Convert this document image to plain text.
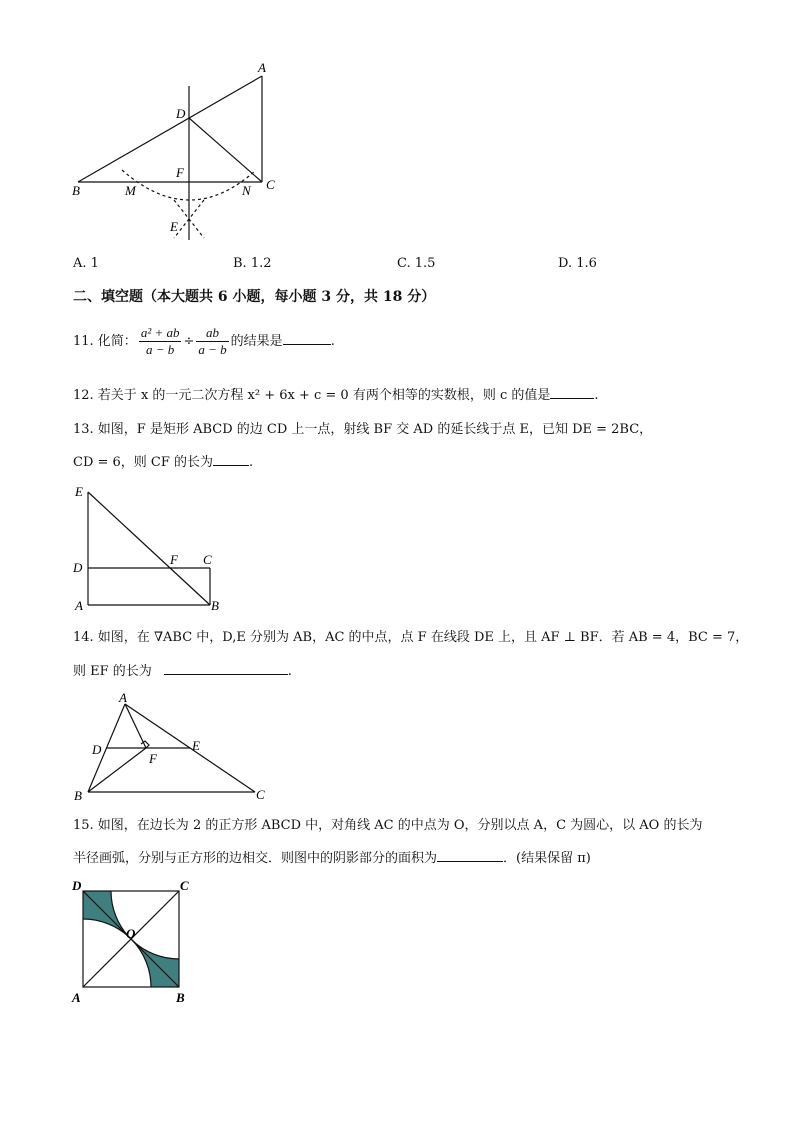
A
D
F
B	M	N C
E
A. 1	B. 1.2	C. 1.5	D. 1.6
二、填空题（本大题共 6 小题，每小题 3 分，共 18 分）
11. 化简： $\frac{\text{a² + ab}}{a - b} \div \frac{ab}{a - b}$ 的结果是	.
12. 若关于 x 的一元二次方程 x² + 6x + c = 0 有两个相等的实数根，则 c 的值是	.
13. 如图，F 是矩形 ABCD 的边 CD 上一点，射线 BF 交 AD 的延长线于点 E，已知 DE = 2BC，
CD = 6，则 CF 的长为	.
E
D
F C
A	B
14. 如图，在 ∇ABC 中，D,E 分别为 AB，AC 的中点，点 F 在线段 DE 上，且 AF ⊥ BF．若 AB = 4，BC = 7，
则 EF 的长为	.
A
D	E
F
B	C
15. 如图，在边长为 2 的正方形 ABCD 中，对角线 AC 的中点为 O，分别以点 A，C 为圆心，以 AO 的长为
半径画弧，分别与正方形的边相交．则图中的阴影部分的面积为	．(结果保留 π)
D	C
O
A	B
